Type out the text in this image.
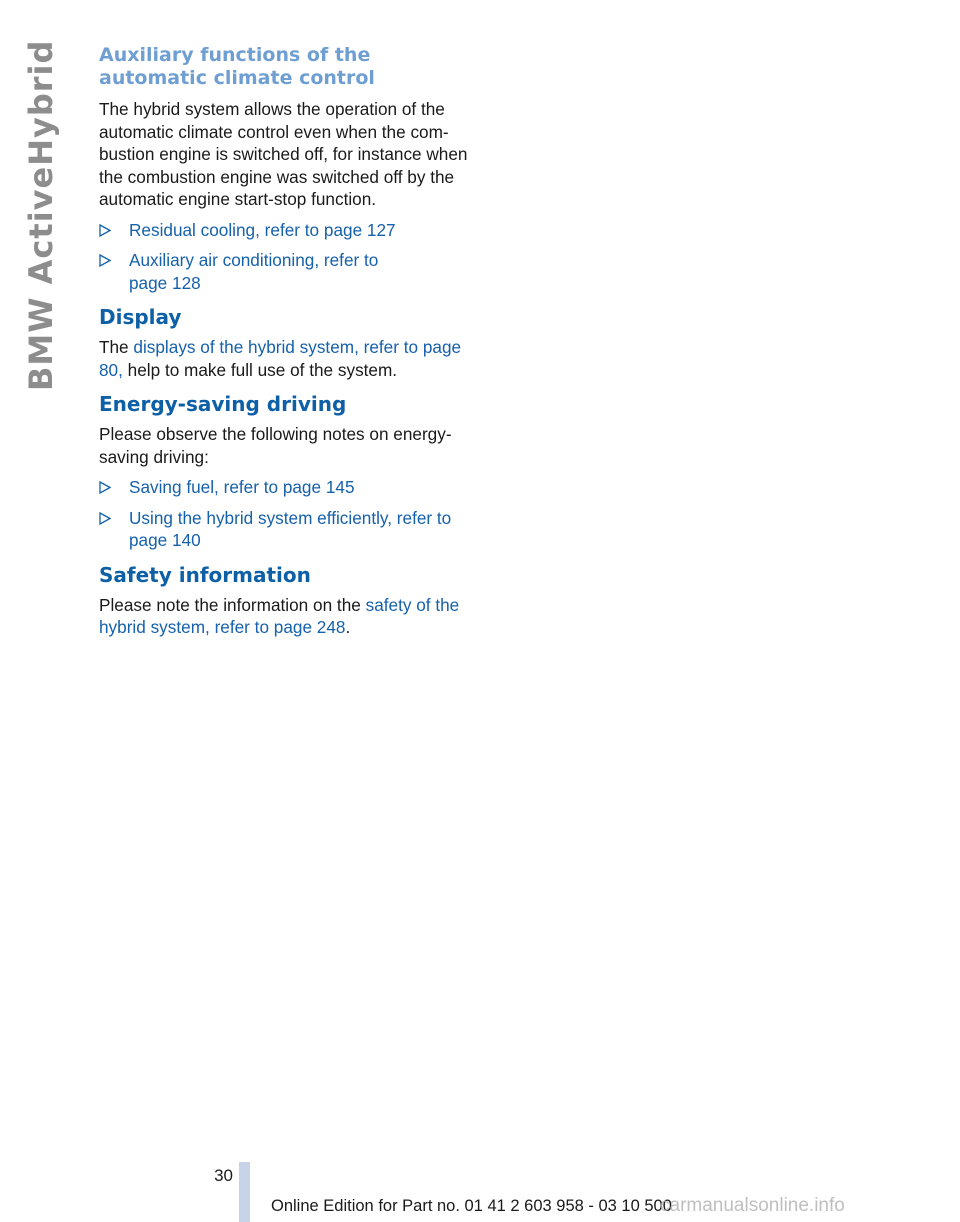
BMW ActiveHybrid Auxiliary functions of the automatic climate control

The hybrid system allows the operation of the automatic climate control even when the combustion engine is switched off, for instance when the combustion engine was switched off by the automatic engine start-stop function.

Residual cooling, refer to page 127
Auxiliary air conditioning, refer to page 128
Display

The displays of the hybrid system, refer to page 80, help to make full use of the system.

Energy-saving driving

Please observe the following notes on energy-saving driving:

Saving fuel, refer to page 145
Using the hybrid system efficiently, refer to page 140
Safety information

Please note the information on the safety of the hybrid system, refer to page 248.

30
Online Edition for Part no. 01 41 2 603 958 - 03 10 500
carmanualsonline.info
